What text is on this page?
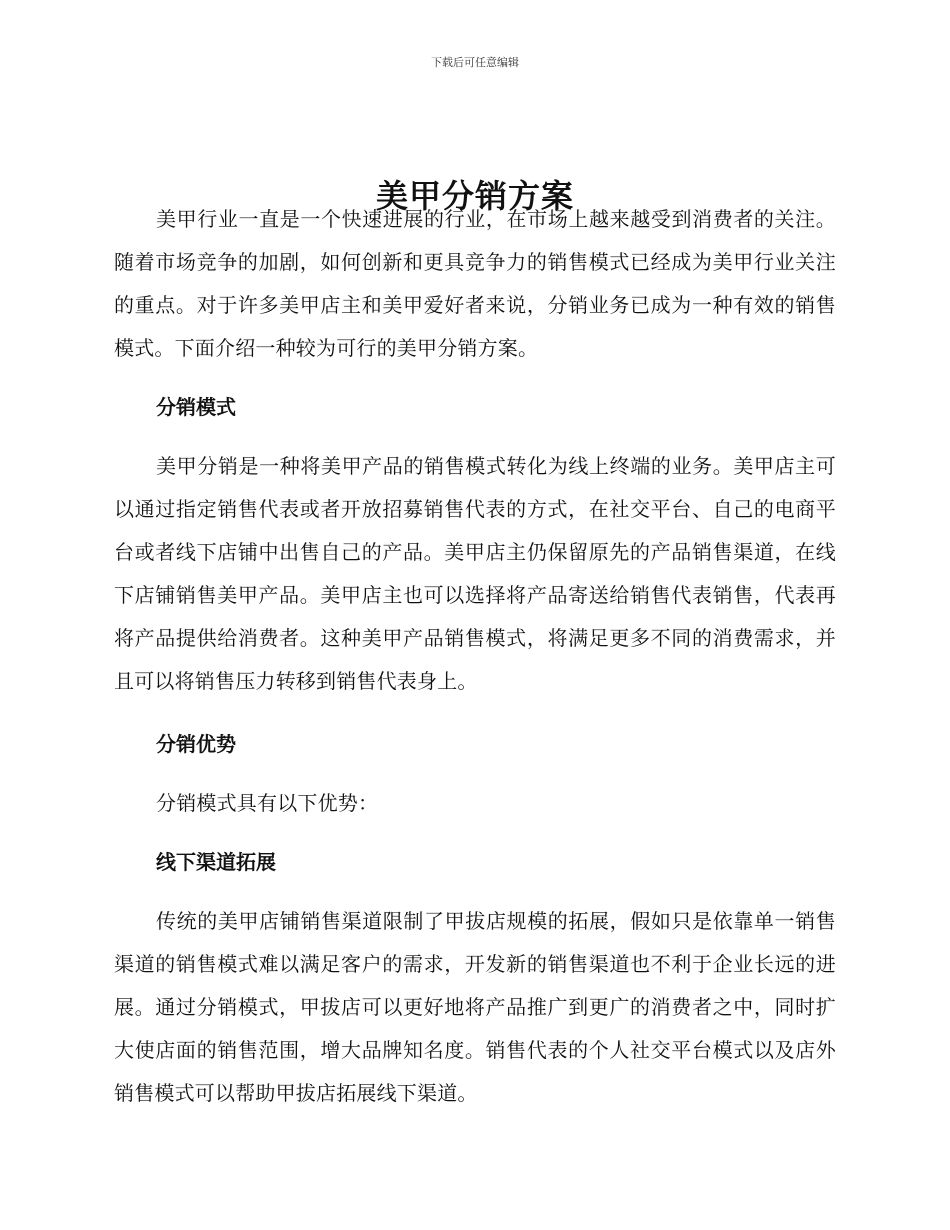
下载后可任意编辑
美甲分销方案

美甲行业一直是一个快速进展的行业，在市场上越来越受到消费者的关注。随着市场竞争的加剧，如何创新和更具竞争力的销售模式已经成为美甲行业关注的重点。对于许多美甲店主和美甲爱好者来说，分销业务已成为一种有效的销售模式。下面介绍一种较为可行的美甲分销方案。

分销模式

美甲分销是一种将美甲产品的销售模式转化为线上终端的业务。美甲店主可以通过指定销售代表或者开放招募销售代表的方式，在社交平台、自己的电商平台或者线下店铺中出售自己的产品。美甲店主仍保留原先的产品销售渠道，在线下店铺销售美甲产品。美甲店主也可以选择将产品寄送给销售代表销售，代表再将产品提供给消费者。这种美甲产品销售模式，将满足更多不同的消费需求，并且可以将销售压力转移到销售代表身上。

分销优势

分销模式具有以下优势：

线下渠道拓展

传统的美甲店铺销售渠道限制了甲拔店规模的拓展，假如只是依靠单一销售渠道的销售模式难以满足客户的需求，开发新的销售渠道也不利于企业长远的进展。通过分销模式，甲拔店可以更好地将产品推广到更广的消费者之中，同时扩大使店面的销售范围，增大品牌知名度。销售代表的个人社交平台模式以及店外销售模式可以帮助甲拔店拓展线下渠道。
